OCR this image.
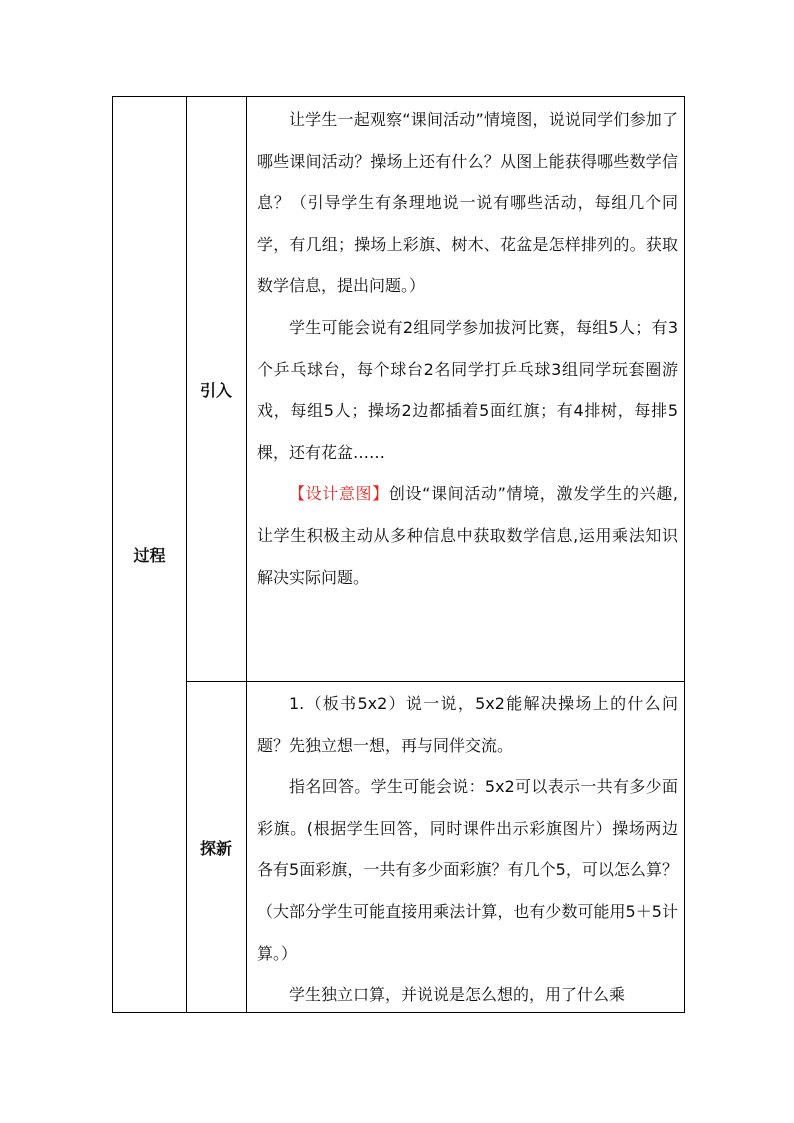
过程
引入
探新

让学生一起观察“课间活动”情境图，说说同学们参加了哪些课间活动？操场上还有什么？从图上能获得哪些数学信息？（引导学生有条理地说一说有哪些活动，每组几个同学，有几组；操场上彩旗、树木、花盆是怎样排列的。获取数学信息，提出问题。）

学生可能会说有2组同学参加拔河比赛，每组5人；有3个乒乓球台，每个球台2名同学打乒乓球3组同学玩套圈游戏，每组5人；操场2边都插着5面红旗；有4排树，每排5棵，还有花盆……

【设计意图】创设“课间活动”情境，激发学生的兴趣,让学生积极主动从多种信息中获取数学信息,运用乘法知识解决实际问题。

1.（板书5x2）说一说，5x2能解决操场上的什么问题？先独立想一想，再与同伴交流。

指名回答。学生可能会说：5x2可以表示一共有多少面彩旗。(根据学生回答，同时课件出示彩旗图片）操场两边各有5面彩旗，一共有多少面彩旗？有几个5，可以怎么算？（大部分学生可能直接用乘法计算，也有少数可能用5＋5计算。）

学生独立口算，并说说是怎么想的，用了什么乘
